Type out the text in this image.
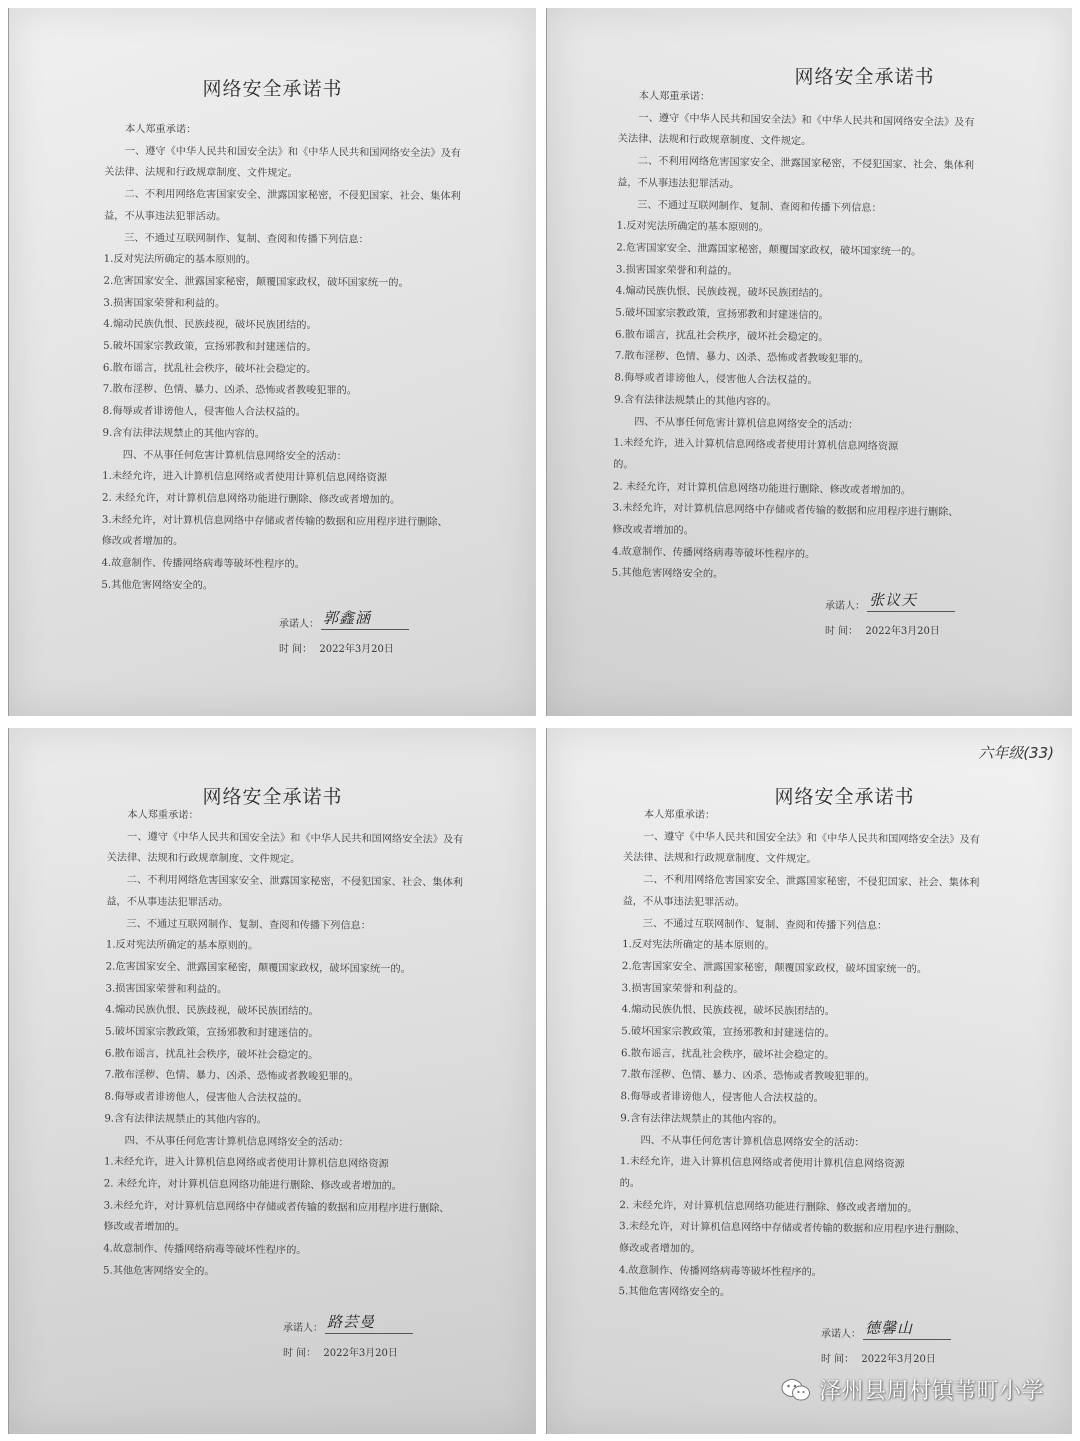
网络安全承诺书

本人郑重承诺：

一、遵守《中华人民共和国安全法》和《中华人民共和国网络安全法》及有

关法律、法规和行政规章制度、文件规定。

二、不利用网络危害国家安全、泄露国家秘密，不侵犯国家、社会、集体利

益，不从事违法犯罪活动。

三、不通过互联网制作、复制、查阅和传播下列信息：

1.反对宪法所确定的基本原则的。

2.危害国家安全、泄露国家秘密，颠覆国家政权，破坏国家统一的。

3.损害国家荣誉和利益的。

4.煽动民族仇恨、民族歧视，破坏民族团结的。

5.破坏国家宗教政策，宣扬邪教和封建迷信的。

6.散布谣言，扰乱社会秩序，破坏社会稳定的。

7.散布淫秽、色情、暴力、凶杀、恐怖或者教唆犯罪的。

8.侮辱或者诽谤他人，侵害他人合法权益的。

9.含有法律法规禁止的其他内容的。

四、不从事任何危害计算机信息网络安全的活动：

1.未经允许，进入计算机信息网络或者使用计算机信息网络资源

2. 未经允许，对计算机信息网络功能进行删除、修改或者增加的。

3.未经允许，对计算机信息网络中存储或者传输的数据和应用程序进行删除、

修改或者增加的。

4.故意制作、传播网络病毒等破坏性程序的。

5.其他危害网络安全的。

承诺人： 郭鑫涵
时 间： 2022年3月20日
网络安全承诺书

本人郑重承诺：

一、遵守《中华人民共和国安全法》和《中华人民共和国网络安全法》及有

关法律、法规和行政规章制度、文件规定。

二、不利用网络危害国家安全、泄露国家秘密，不侵犯国家、社会、集体利

益，不从事违法犯罪活动。

三、不通过互联网制作、复制、查阅和传播下列信息：

1.反对宪法所确定的基本原则的。

2.危害国家安全、泄露国家秘密，颠覆国家政权，破坏国家统一的。

3.损害国家荣誉和利益的。

4.煽动民族仇恨、民族歧视，破坏民族团结的。

5.破坏国家宗教政策，宣扬邪教和封建迷信的。

6.散布谣言，扰乱社会秩序，破坏社会稳定的。

7.散布淫秽、色情、暴力、凶杀、恐怖或者教唆犯罪的。

8.侮辱或者诽谤他人，侵害他人合法权益的。

9.含有法律法规禁止的其他内容的。

四、不从事任何危害计算机信息网络安全的活动：

1.未经允许，进入计算机信息网络或者使用计算机信息网络资源

的。

2. 未经允许，对计算机信息网络功能进行删除、修改或者增加的。

3.未经允许，对计算机信息网络中存储或者传输的数据和应用程序进行删除、

修改或者增加的。

4.故意制作、传播网络病毒等破坏性程序的。

5.其他危害网络安全的。

承诺人： 张议天
时 间： 2022年3月20日
网络安全承诺书

本人郑重承诺：

一、遵守《中华人民共和国安全法》和《中华人民共和国网络安全法》及有

关法律、法规和行政规章制度、文件规定。

二、不利用网络危害国家安全、泄露国家秘密，不侵犯国家、社会、集体利

益，不从事违法犯罪活动。

三、不通过互联网制作、复制、查阅和传播下列信息：

1.反对宪法所确定的基本原则的。

2.危害国家安全、泄露国家秘密，颠覆国家政权，破坏国家统一的。

3.损害国家荣誉和利益的。

4.煽动民族仇恨、民族歧视，破坏民族团结的。

5.破坏国家宗教政策，宣扬邪教和封建迷信的。

6.散布谣言，扰乱社会秩序，破坏社会稳定的。

7.散布淫秽、色情、暴力、凶杀、恐怖或者教唆犯罪的。

8.侮辱或者诽谤他人，侵害他人合法权益的。

9.含有法律法规禁止的其他内容的。

四、不从事任何危害计算机信息网络安全的活动：

1.未经允许，进入计算机信息网络或者使用计算机信息网络资源

2. 未经允许，对计算机信息网络功能进行删除、修改或者增加的。

3.未经允许，对计算机信息网络中存储或者传输的数据和应用程序进行删除、

修改或者增加的。

4.故意制作、传播网络病毒等破坏性程序的。

5.其他危害网络安全的。

承诺人： 路芸曼
时 间： 2022年3月20日
六年级(33)
网络安全承诺书

本人郑重承诺：

一、遵守《中华人民共和国安全法》和《中华人民共和国网络安全法》及有

关法律、法规和行政规章制度、文件规定。

二、不利用网络危害国家安全、泄露国家秘密，不侵犯国家、社会、集体利

益，不从事违法犯罪活动。

三、不通过互联网制作、复制、查阅和传播下列信息：

1.反对宪法所确定的基本原则的。

2.危害国家安全、泄露国家秘密，颠覆国家政权，破坏国家统一的。

3.损害国家荣誉和利益的。

4.煽动民族仇恨、民族歧视，破坏民族团结的。

5.破坏国家宗教政策，宣扬邪教和封建迷信的。

6.散布谣言，扰乱社会秩序，破坏社会稳定的。

7.散布淫秽、色情、暴力、凶杀、恐怖或者教唆犯罪的。

8.侮辱或者诽谤他人，侵害他人合法权益的。

9.含有法律法规禁止的其他内容的。

四、不从事任何危害计算机信息网络安全的活动：

1.未经允许，进入计算机信息网络或者使用计算机信息网络资源

的。

2. 未经允许，对计算机信息网络功能进行删除、修改或者增加的。

3.未经允许，对计算机信息网络中存储或者传输的数据和应用程序进行删除、

修改或者增加的。

4.故意制作、传播网络病毒等破坏性程序的。

5.其他危害网络安全的。

承诺人： 德馨山
时 间： 2022年3月20日
泽州县周村镇苇町小学
